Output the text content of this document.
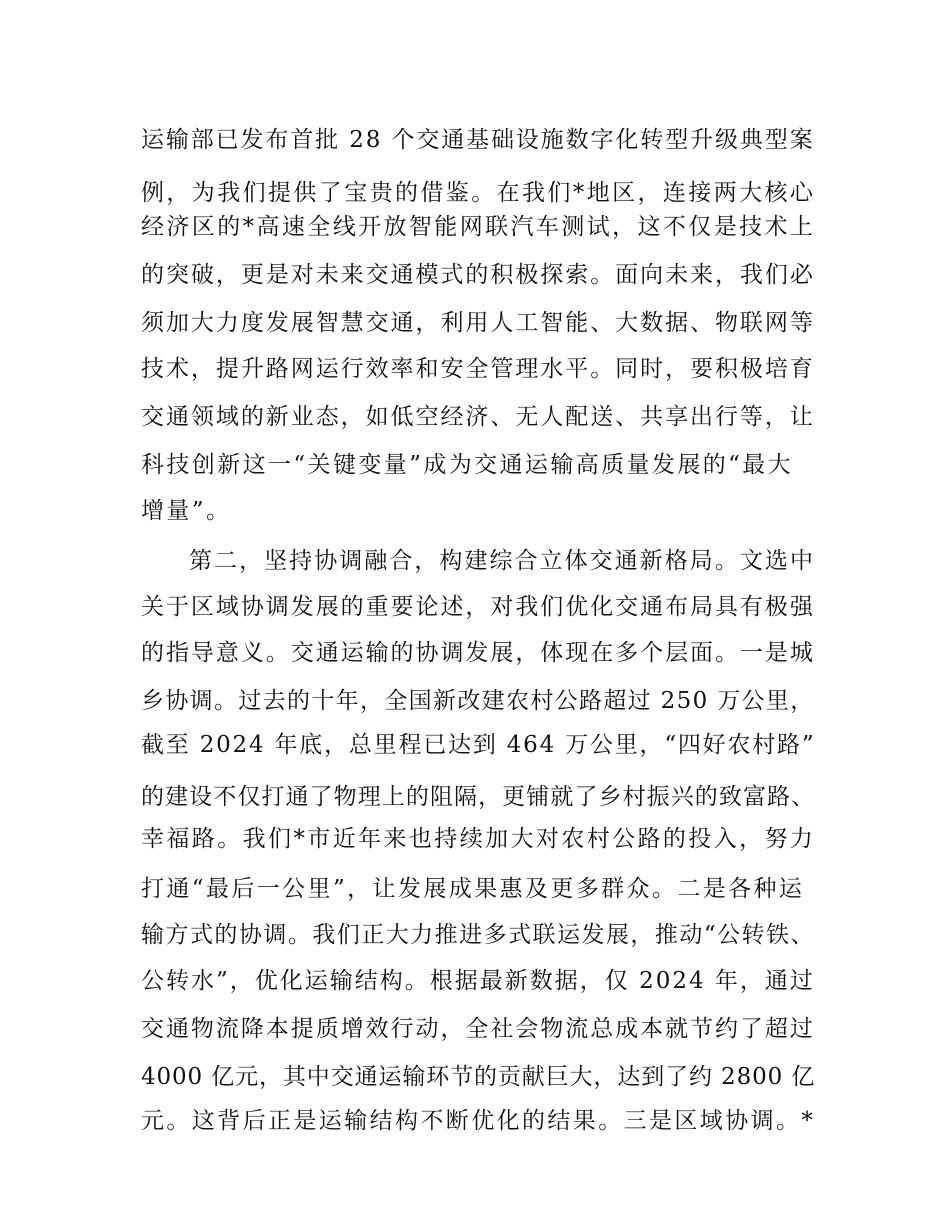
运输部已发布首批 28 个交通基础设施数字化转型升级典型案
例，为我们提供了宝贵的借鉴。在我们*地区，连接两大核心
经济区的*高速全线开放智能网联汽车测试，这不仅是技术上
的突破，更是对未来交通模式的积极探索。面向未来，我们必
须加大力度发展智慧交通，利用人工智能、大数据、物联网等
技术，提升路网运行效率和安全管理水平。同时，要积极培育
交通领域的新业态，如低空经济、无人配送、共享出行等，让
科技创新这一“关键变量”成为交通运输高质量发展的“最大
增量”。
第二，坚持协调融合，构建综合立体交通新格局。文选中
关于区域协调发展的重要论述，对我们优化交通布局具有极强
的指导意义。交通运输的协调发展，体现在多个层面。一是城
乡协调。过去的十年，全国新改建农村公路超过 250 万公里，
截至 2024 年底，总里程已达到 464 万公里，“四好农村路”
的建设不仅打通了物理上的阻隔，更铺就了乡村振兴的致富路、
幸福路。我们*市近年来也持续加大对农村公路的投入，努力
打通“最后一公里”，让发展成果惠及更多群众。二是各种运
输方式的协调。我们正大力推进多式联运发展，推动“公转铁、
公转水”，优化运输结构。根据最新数据，仅 2024 年，通过
交通物流降本提质增效行动，全社会物流总成本就节约了超过
4000 亿元，其中交通运输环节的贡献巨大，达到了约 2800 亿
元。这背后正是运输结构不断优化的结果。三是区域协调。*
